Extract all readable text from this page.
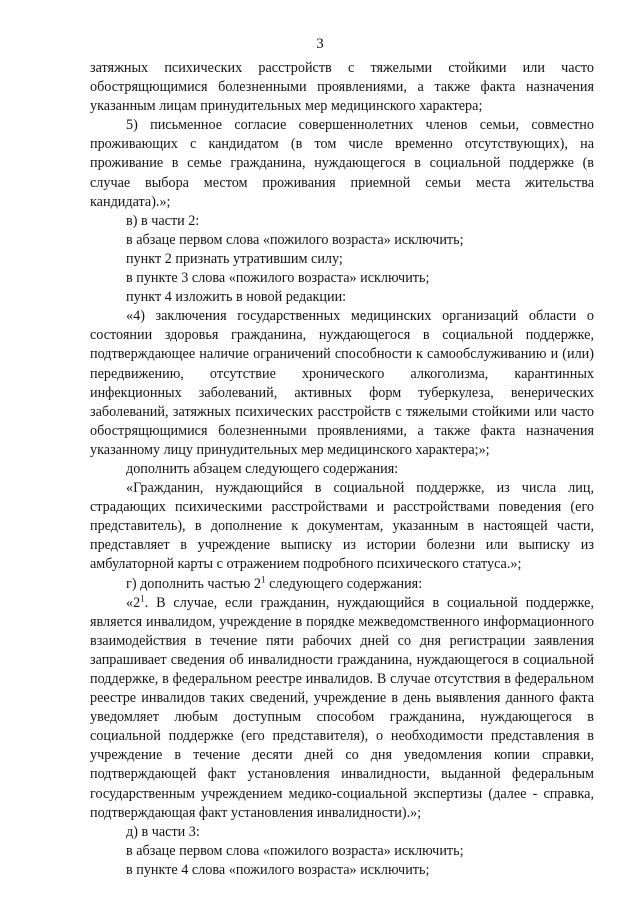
3

затяжных психических расстройств с тяжелыми стойкими или часто обострящющимися болезненными проявлениями, а также факта назначения указанным лицам принудительных мер медицинского характера;

5) письменное согласие совершеннолетних членов семьи, совместно проживающих с кандидатом (в том числе временно отсутствующих), на проживание в семье гражданина, нуждающегося в социальной поддержке (в случае выбора местом проживания приемной семьи места жительства кандидата).»;

в) в части 2:

в абзаце первом слова «пожилого возраста» исключить;

пункт 2 признать утратившим силу;

в пункте 3 слова «пожилого возраста» исключить;

пункт 4 изложить в новой редакции:

«4) заключения государственных медицинских организаций области о состоянии здоровья гражданина, нуждающегося в социальной поддержке, подтверждающее наличие ограничений способности к самообслуживанию и (или) передвижению, отсутствие хронического алкоголизма, карантинных инфекционных заболеваний, активных форм туберкулеза, венерических заболеваний, затяжных психических расстройств с тяжелыми стойкими или часто обострящющимися болезненными проявлениями, а также факта назначения указанному лицу принудительных мер медицинского характера;»;

дополнить абзацем следующего содержания:

«Гражданин, нуждающийся в социальной поддержке, из числа лиц, страдающих психическими расстройствами и расстройствами поведения (его представитель), в дополнение к документам, указанным в настоящей части, представляет в учреждение выписку из истории болезни или выписку из амбулаторной карты с отражением подробного психического статуса.»;

г) дополнить частью $2^1$ следующего содержания:

«$2^1$. В случае, если гражданин, нуждающийся в социальной поддержке, является инвалидом, учреждение в порядке межведомственного информационного взаимодействия в течение пяти рабочих дней со дня регистрации заявления запрашивает сведения об инвалидности гражданина, нуждающегося в социальной поддержке, в федеральном реестре инвалидов. В случае отсутствия в федеральном реестре инвалидов таких сведений, учреждение в день выявления данного факта уведомляет любым доступным способом гражданина, нуждающегося в социальной поддержке (его представителя), о необходимости представления в учреждение в течение десяти дней со дня уведомления копии справки, подтверждающей факт установления инвалидности, выданной федеральным государственным учреждением медико-социальной экспертизы (далее - справка, подтверждающая факт установления инвалидности).»;

д) в части 3:

в абзаце первом слова «пожилого возраста» исключить;

в пункте 4 слова «пожилого возраста» исключить;
